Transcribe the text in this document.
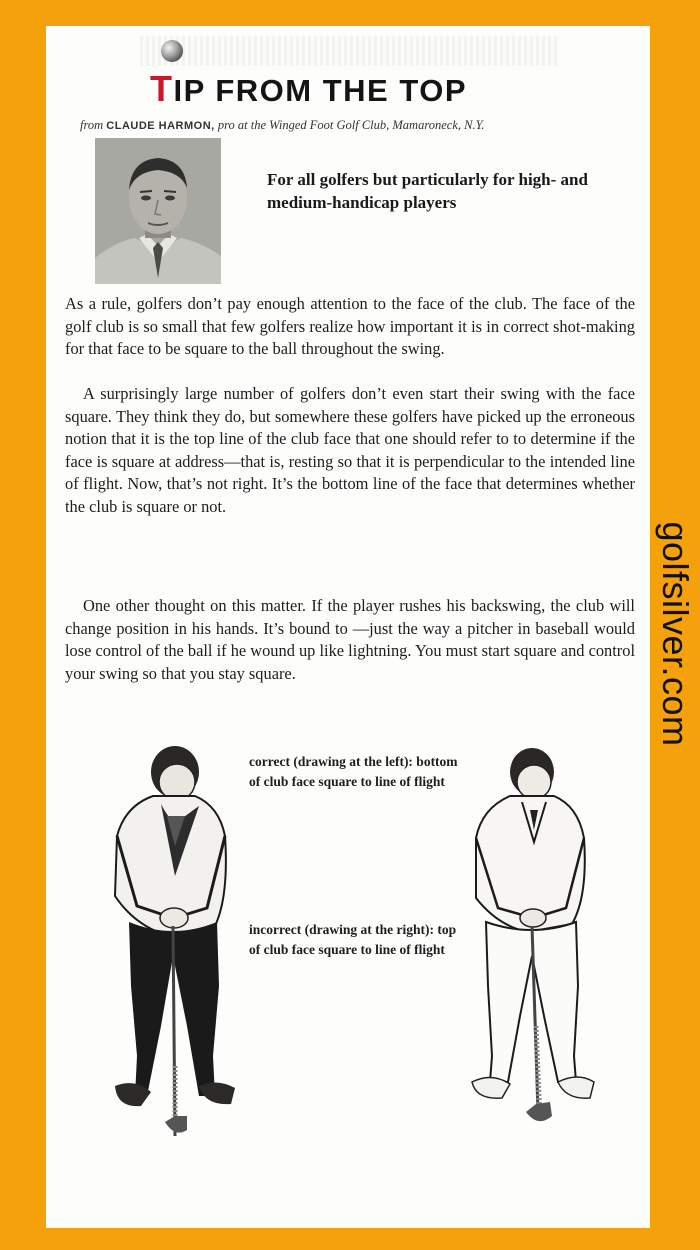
TIP FROM THE TOP
from CLAUDE HARMON, pro at the Winged Foot Golf Club, Mamaroneck, N.Y.
For all golfers but particularly for high- and medium-handicap players

As a rule, golfers don’t pay enough attention to the face of the club. The face of the golf club is so small that few golfers realize how important it is in correct shot-making for that face to be square to the ball throughout the swing.

A surprisingly large number of golfers don’t even start their swing with the face square. They think they do, but somewhere these golfers have picked up the erroneous notion that it is the top line of the club face that one should refer to to determine if the face is square at address—that is, resting so that it is perpendicular to the intended line of flight. Now, that’s not right. It’s the bottom line of the face that determines whether the club is square or not.

One other thought on this matter. If the player rushes his backswing, the club will change position in his hands. It’s bound to —just the way a pitcher in baseball would lose control of the ball if he wound up like lightning. You must start square and control your swing so that you stay square.

correct (drawing at the left): bottom of club face square to line of flight
incorrect (drawing at the right): top of club face square to line of flight
golfsilver.com
